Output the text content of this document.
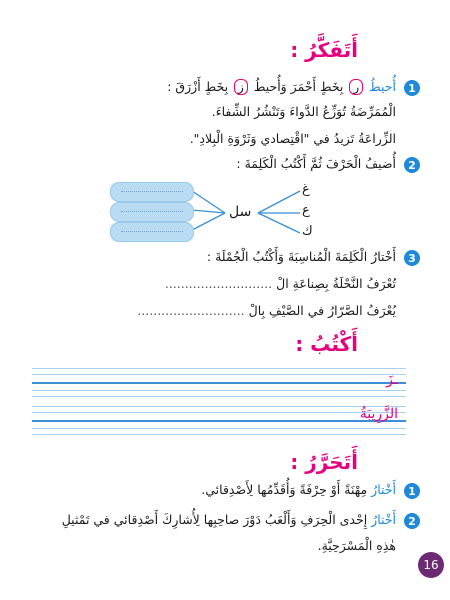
أَتَفَكَّرُ :
1
أُحيطُ ر بِخَطٍ أَحْمَرَ وَأُحيطُ ز بِخَطٍ أَزْرَقَ :
الْمُمَرِّضَةُ تُوَزِّعُ الدَّواءَ وَتَنْشُرُ الشِّفاءَ.
الزِّراعَةُ تَزيدُ في "اقْتِصادي وَثَرْوَةِ الْبِلادِ".
2
أُضيفُ الْحَرْفَ ثُمَّ أَكْتُبُ الْكَلِمَةَ :
سل
غ
ع
ك
3
أَخْتارُ الْكَلِمَةَ الْمُناسِبَةَ وَأَكْتُبُ الْجُمْلَةَ :
تُعْرَفُ النَّحْلَةُ بِصِناعَةِ الْ ...........................
يُعْرَفُ الصَّرّارُ في الصَّيْفِ بِالْ ...........................
أَكْتُبُ :
ـزَ
الزَّرِيبَةُ
أَتَحَرَّرُ :
1
أَخْتارُ مِهْنَةً أَوْ حِرْفَةً وَأُقَدِّمُها لِأَصْدِقائي.
2
أَخْتارُ إِحْدى الْحِرَفِ وَأَلْعَبُ دَوْرَ صاحِبِها لِأُشارِكَ أَصْدِقائي في تَمْثيلِ
هٰذِهِ الْمَسْرَحِيَّةِ.
16
